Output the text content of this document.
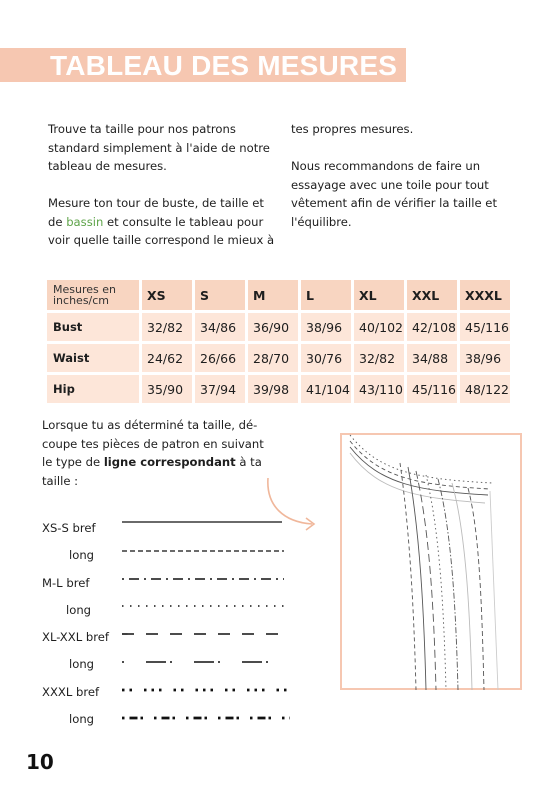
TABLEAU DES MESURES

Trouve ta taille pour nos patrons

standard simplement à l'aide de notre

tableau de mesures.

Mesure ton tour de buste, de taille et

de bassin et consulte le tableau pour

voir quelle taille correspond le mieux à

tes propres mesures.

Nous recommandons de faire un

essayage avec une toile pour tout

vêtement afin de vérifier la taille et

l'équilibre.

Mesures en
inches/cm	XS	S	M	L	XL	XXL	XXXL
Bust	32/82	34/86	36/90	38/96	40/102	42/108	45/116
Waist	24/62	26/66	28/70	30/76	32/82	34/88	38/96
Hip	35/90	37/94	39/98	41/104	43/110	45/116	48/122
Lorsque tu as déterminé ta taille, dé-
coupe tes pièces de patron en suivant
le type de ligne correspondant à ta
taille :
XS-S bref
long
M-L bref
long
XL-XXL bref
long
XXXL bref
long
10
